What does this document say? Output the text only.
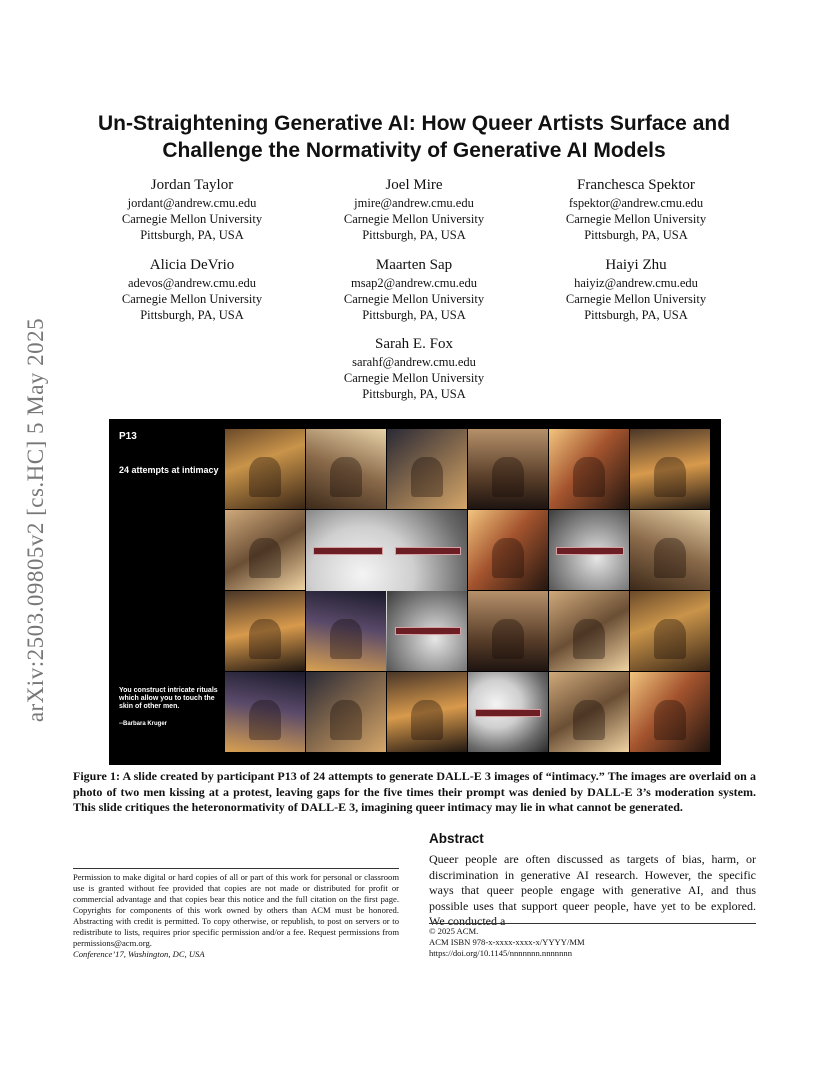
arXiv:2503.09805v2 [cs.HC] 5 May 2025
Un-Straightening Generative AI: How Queer Artists Surface and Challenge the Normativity of Generative AI Models
Jordan Taylor
jordant@andrew.cmu.edu
Carnegie Mellon University
Pittsburgh, PA, USA
Joel Mire
jmire@andrew.cmu.edu
Carnegie Mellon University
Pittsburgh, PA, USA
Franchesca Spektor
fspektor@andrew.cmu.edu
Carnegie Mellon University
Pittsburgh, PA, USA
Alicia DeVrio
adevos@andrew.cmu.edu
Carnegie Mellon University
Pittsburgh, PA, USA
Maarten Sap
msap2@andrew.cmu.edu
Carnegie Mellon University
Pittsburgh, PA, USA
Haiyi Zhu
haiyiz@andrew.cmu.edu
Carnegie Mellon University
Pittsburgh, PA, USA
Sarah E. Fox
sarahf@andrew.cmu.edu
Carnegie Mellon University
Pittsburgh, PA, USA
P13
24 attempts at intimacy
You construct intricate rituals which allow you to touch the skin of other men.
--Barbara Kruger
Figure 1: A slide created by participant P13 of 24 attempts to generate DALL-E 3 images of “intimacy.” The images are overlaid on a photo of two men kissing at a protest, leaving gaps for the five times their prompt was denied by DALL-E 3’s moderation system. This slide critiques the heteronormativity of DALL-E 3, imagining queer intimacy may lie in what cannot be generated.
Abstract
Queer people are often discussed as targets of bias, harm, or discrimination in generative AI research. However, the specific ways that queer people engage with generative AI, and thus possible uses that support queer people, have yet to be explored. We conducted a
Permission to make digital or hard copies of all or part of this work for personal or classroom use is granted without fee provided that copies are not made or distributed for profit or commercial advantage and that copies bear this notice and the full citation on the first page. Copyrights for components of this work owned by others than ACM must be honored. Abstracting with credit is permitted. To copy otherwise, or republish, to post on servers or to redistribute to lists, requires prior specific permission and/or a fee. Request permissions from permissions@acm.org.
Conference’17, Washington, DC, USA
© 2025 ACM.
ACM ISBN 978-x-xxxx-xxxx-x/YYYY/MM
https://doi.org/10.1145/nnnnnnn.nnnnnnn
